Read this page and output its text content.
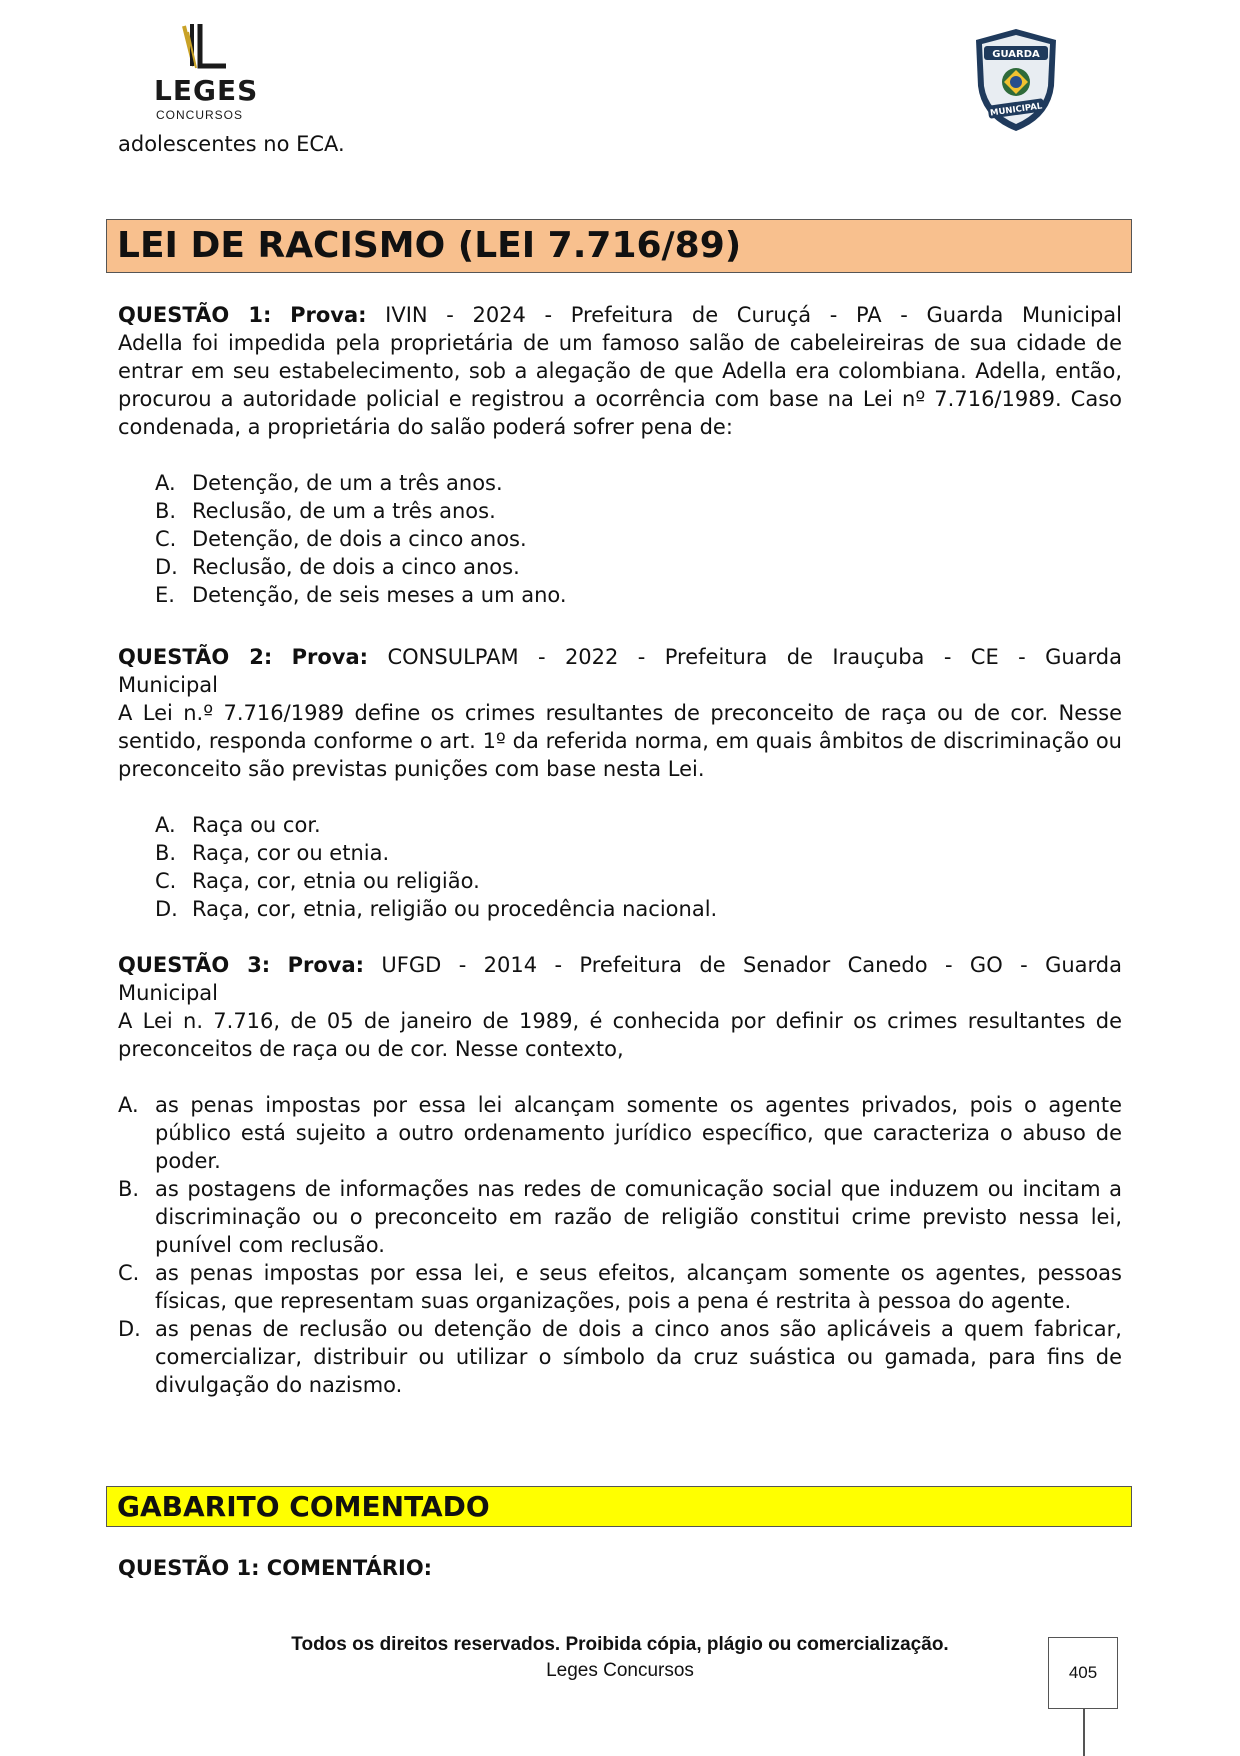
LEGES
CONCURSOS
GUARDA
MUNICIPAL
adolescentes no ECA.
LEI DE RACISMO (LEI 7.716/89)
QUESTÃO 1: Prova: IVIN - 2024 - Prefeitura de Curuçá - PA - Guarda Municipal
Adella foi impedida pela proprietária de um famoso salão de cabeleireiras de sua cidade de entrar em seu estabelecimento, sob a alegação de que Adella era colombiana. Adella, então, procurou a autoridade policial e registrou a ocorrência com base na Lei nº 7.716/1989. Caso condenada, a proprietária do salão poderá sofrer pena de:
A. Detenção, de um a três anos.
B. Reclusão, de um a três anos.
C. Detenção, de dois a cinco anos.
D. Reclusão, de dois a cinco anos.
E. Detenção, de seis meses a um ano.
QUESTÃO 2: Prova: CONSULPAM - 2022 - Prefeitura de Irauçuba - CE - Guarda
Municipal
A Lei n.º 7.716/1989 define os crimes resultantes de preconceito de raça ou de cor. Nesse sentido, responda conforme o art. 1º da referida norma, em quais âmbitos de discriminação ou preconceito são previstas punições com base nesta Lei.
A. Raça ou cor.
B. Raça, cor ou etnia.
C. Raça, cor, etnia ou religião.
D. Raça, cor, etnia, religião ou procedência nacional.
QUESTÃO 3: Prova: UFGD - 2014 - Prefeitura de Senador Canedo - GO - Guarda
Municipal
A Lei n. 7.716, de 05 de janeiro de 1989, é conhecida por definir os crimes resultantes de preconceitos de raça ou de cor. Nesse contexto,
A. as penas impostas por essa lei alcançam somente os agentes privados, pois o agente público está sujeito a outro ordenamento jurídico específico, que caracteriza o abuso de poder.
B. as postagens de informações nas redes de comunicação social que induzem ou incitam a discriminação ou o preconceito em razão de religião constitui crime previsto nessa lei, punível com reclusão.
C. as penas impostas por essa lei, e seus efeitos, alcançam somente os agentes, pessoas físicas, que representam suas organizações, pois a pena é restrita à pessoa do agente.
D. as penas de reclusão ou detenção de dois a cinco anos são aplicáveis a quem fabricar, comercializar, distribuir ou utilizar o símbolo da cruz suástica ou gamada, para fins de divulgação do nazismo.
GABARITO COMENTADO
QUESTÃO 1: COMENTÁRIO:
Todos os direitos reservados. Proibida cópia, plágio ou comercialização.
Leges Concursos	405
